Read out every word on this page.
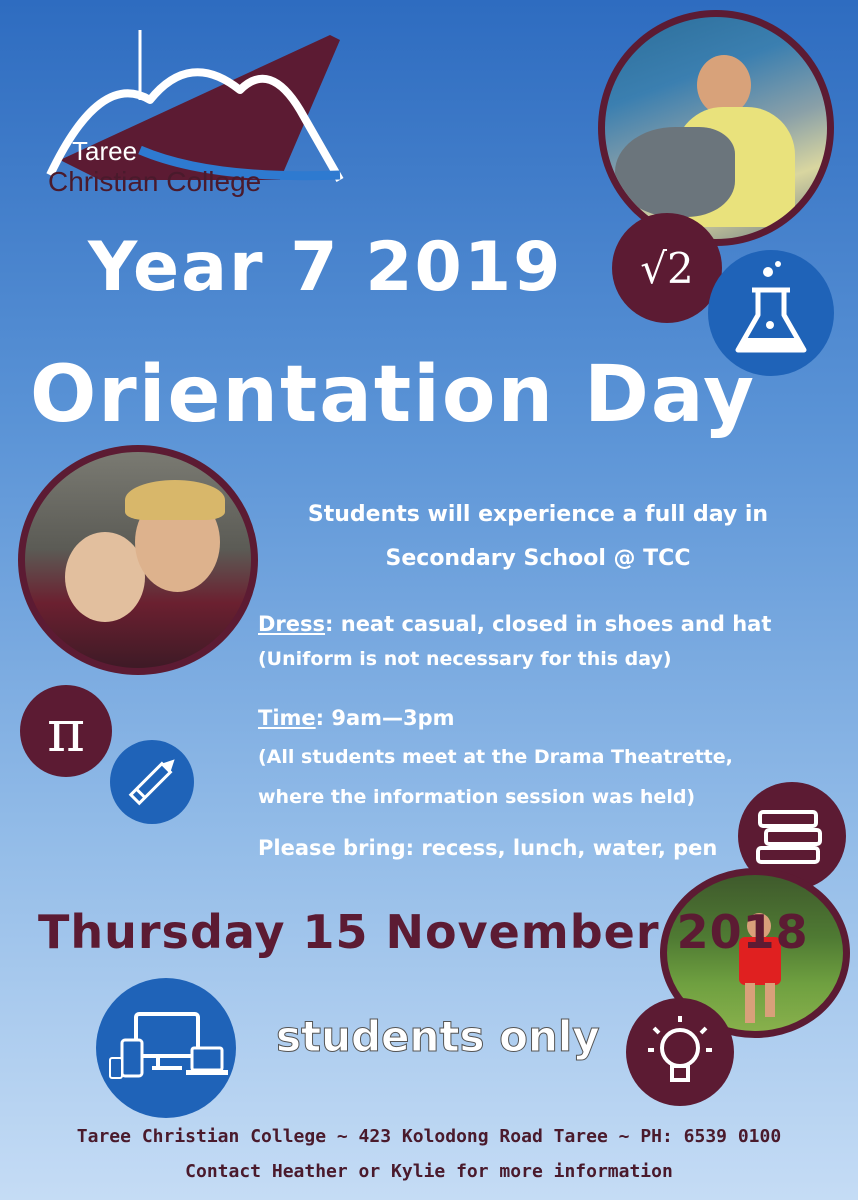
Taree
Christian College
√2
Year 7 2019
Orientation Day
Students will experience a full day in
Secondary School @ TCC
Dress: neat casual, closed in shoes and hat
(Uniform is not necessary for this day)
Time: 9am—3pm
(All students meet at the Drama Theatrette,
where the information session was held)
Please bring: recess, lunch, water, pen
π
Thursday 15 November 2018
students only
Taree Christian College ~ 423 Kolodong Road Taree ~ PH: 6539 0100
Contact Heather or Kylie for more information
